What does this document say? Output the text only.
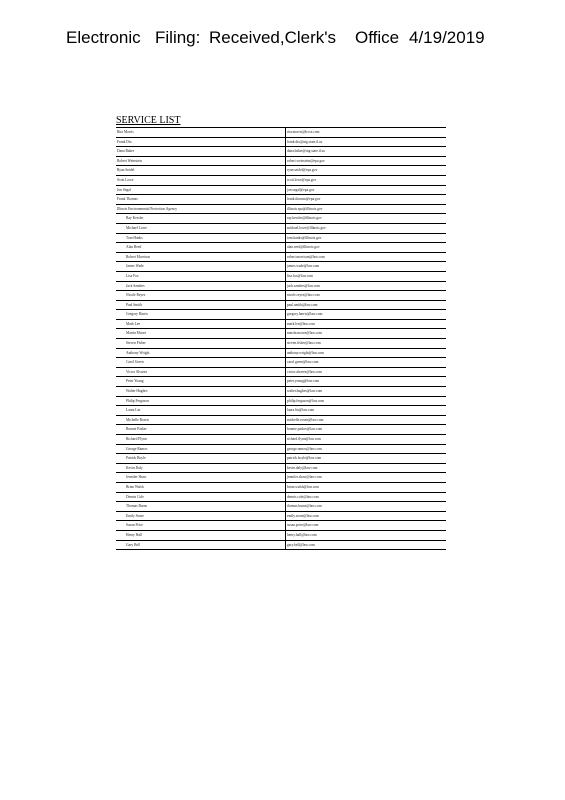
Electronic Filing: Received,Clerk's Office 4/19/2019
SERVICE LIST
Rita Morris	rita.morris@lrcca.com
Frank Dix	frank.dix@atg.state.il.us
Dana Baker	dana.baker@atg.state.il.us
Robert Weinstein	robert.weinstein@epa.gov
Ryan Seidel	ryan.seidel@epa.gov
Scott Lowe	scott.lowe@epa.gov
Jon Segal	jon.segal@epa.gov
Frank Thomas	frank.thomas@epa.gov
Illinois Environmental Protection Agency	illinois.epa@illinois.gov
Ray Kessler	ray.kessler@illinois.gov
Michael Lowe	michael.lowe@illinois.gov
Tom Hanks	tom.hanks@illinois.gov
Alan Reed	alan.reed@illinois.gov
Robert Morrison	robert.morrison@law.com
James Wade	james.wade@law.com
Lisa Fox	lisa.fox@law.com
Jack Sanders	jack.sanders@law.com
Nicole Reyes	nicole.reyes@law.com
Paul Smith	paul.smith@law.com
Gregory Harris	gregory.harris@law.com
Mark Lee	mark.lee@law.com
Martin Moore	martin.moore@law.com
Steven Fisher	steven.fisher@law.com
Anthony Wright	anthony.wright@law.com
Carol Green	carol.green@law.com
Victor Alvarez	victor.alvarez@law.com
Peter Young	peter.young@law.com
Walter Hughes	walter.hughes@law.com
Philip Ferguson	philip.ferguson@law.com
Laura Lin	laura.lin@law.com
Michelle Rosen	michelle.rosen@law.com
Bonnie Parker	bonnie.parker@law.com
Richard Flynn	richard.flynn@law.com
George Ramos	george.ramos@law.com
Patrick Boyle	patrick.boyle@law.com
Kevin Daly	kevin.daly@law.com
Jennifer Shaw	jennifer.shaw@law.com
Brian Walsh	brian.walsh@law.com
Dennis Cole	dennis.cole@law.com
Thomas Burns	thomas.burns@law.com
Emily Stone	emily.stone@law.com
Susan Price	susan.price@law.com
Henry Hall	henry.hall@law.com
Gary Bell	gary.bell@law.com
